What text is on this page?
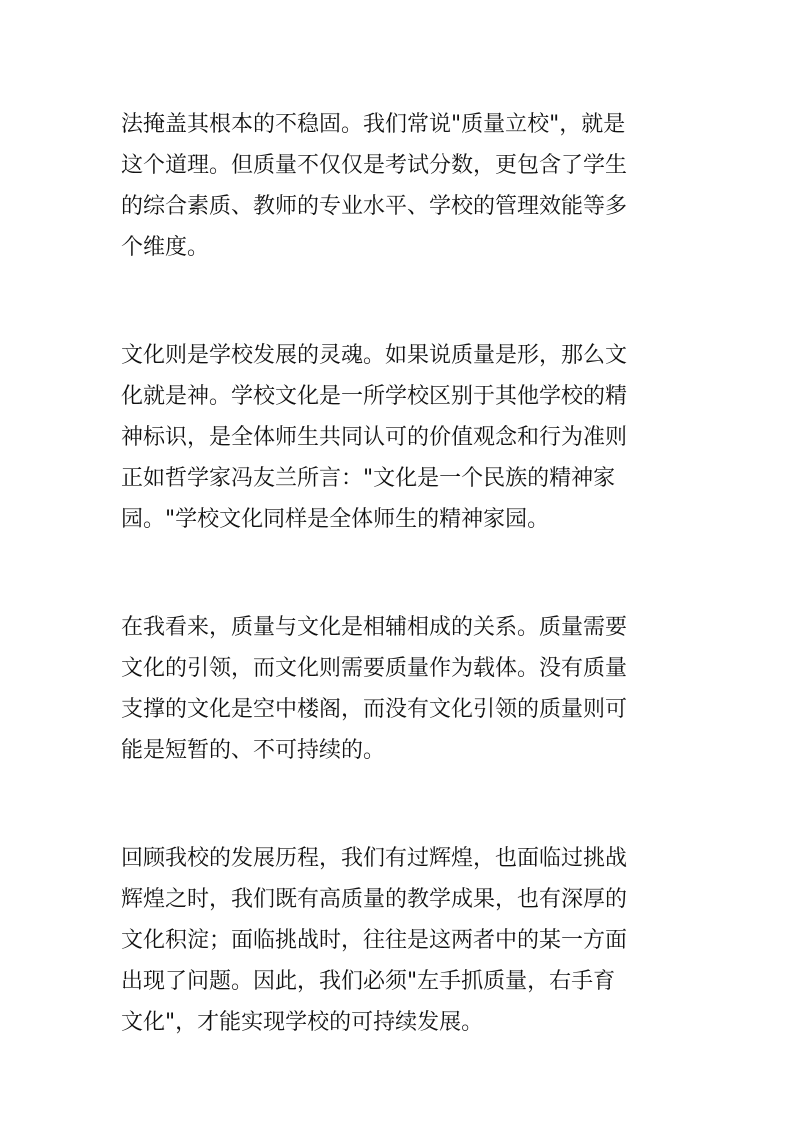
法掩盖其根本的不稳固。我们常说"质量立校"，就是
这个道理。但质量不仅仅是考试分数，更包含了学生
的综合素质、教师的专业水平、学校的管理效能等多
个维度。
文化则是学校发展的灵魂。如果说质量是形，那么文
化就是神。学校文化是一所学校区别于其他学校的精
神标识，是全体师生共同认可的价值观念和行为准则
正如哲学家冯友兰所言："文化是一个民族的精神家
园。"学校文化同样是全体师生的精神家园。
在我看来，质量与文化是相辅相成的关系。质量需要
文化的引领，而文化则需要质量作为载体。没有质量
支撑的文化是空中楼阁，而没有文化引领的质量则可
能是短暂的、不可持续的。
回顾我校的发展历程，我们有过辉煌，也面临过挑战
辉煌之时，我们既有高质量的教学成果，也有深厚的
文化积淀；面临挑战时，往往是这两者中的某一方面
出现了问题。因此，我们必须"左手抓质量，右手育
文化"，才能实现学校的可持续发展。
